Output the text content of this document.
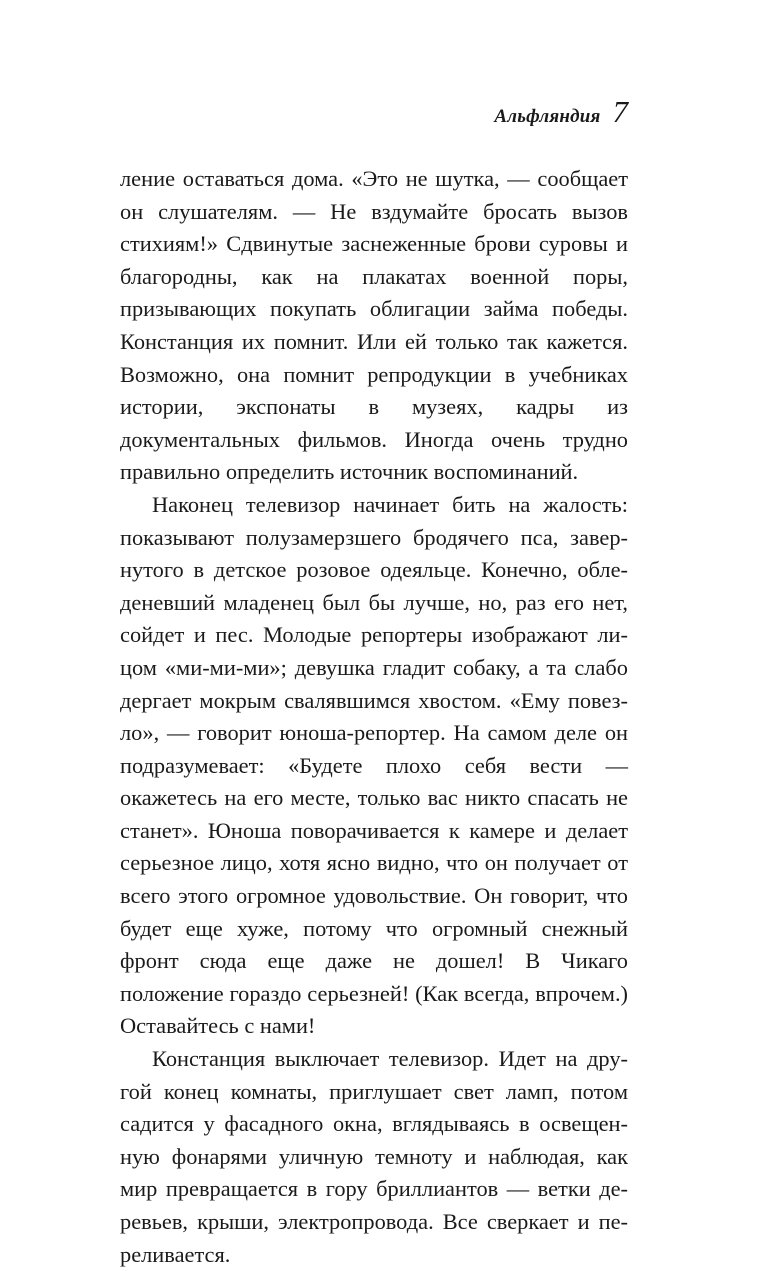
Альфляндия 7

ление оставаться дома. «Это не шутка, — сообщает он слушателям. — Не вздумайте бросать вызов стихиям!» Сдвинутые заснеженные брови суровы и благородны, как на плакатах военной поры, призывающих покупать облигации займа победы. Констанция их помнит. Или ей только так кажется. Возможно, она помнит репродукции в учебниках истории, экспонаты в музеях, кадры из документальных фильмов. Иногда очень трудно правильно определить источник воспоминаний.

Наконец телевизор начинает бить на жалость: показывают полузамерзшего бродячего пса, завернутого в детское розовое одеяльце. Конечно, обледеневший младенец был бы лучше, но, раз его нет, сойдет и пес. Молодые репортеры изображают лицом «ми-ми-ми»; девушка гладит собаку, а та слабо дергает мокрым свалявшимся хвостом. «Ему повезло», — говорит юноша-репортер. На самом деле он подразумевает: «Будете плохо себя вести — окажетесь на его месте, только вас никто спасать не станет». Юноша поворачивается к камере и делает серьезное лицо, хотя ясно видно, что он получает от всего этого огромное удовольствие. Он говорит, что будет еще хуже, потому что огромный снежный фронт сюда еще даже не дошел! В Чикаго положение гораздо серьезней! (Как всегда, впрочем.) Оставайтесь с нами!

Констанция выключает телевизор. Идет на другой конец комнаты, приглушает свет ламп, потом садится у фасадного окна, вглядываясь в освещенную фонарями уличную темноту и наблюдая, как мир превращается в гору бриллиантов — ветки деревьев, крыши, электропровода. Все сверкает и переливается.
